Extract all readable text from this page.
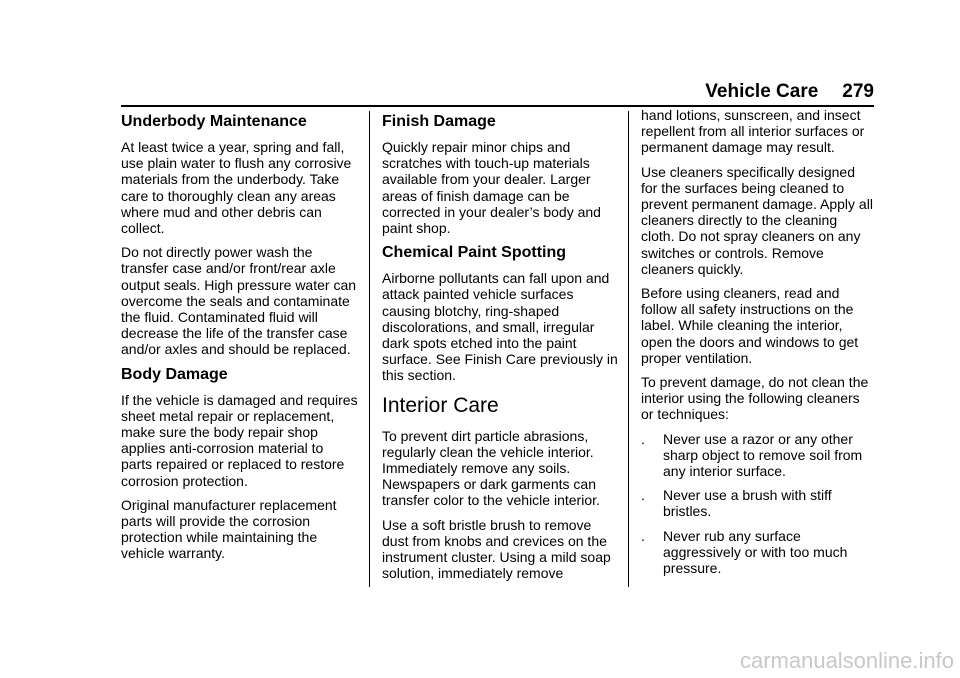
Vehicle Care 279
Underbody Maintenance

At least twice a year, spring and fall, use plain water to flush any corrosive materials from the underbody. Take care to thoroughly clean any areas where mud and other debris can collect.

Do not directly power wash the transfer case and/or front/rear axle output seals. High pressure water can overcome the seals and contaminate the fluid. Contaminated fluid will decrease the life of the transfer case and/or axles and should be replaced.

Body Damage

If the vehicle is damaged and requires sheet metal repair or replacement, make sure the body repair shop applies anti-corrosion material to parts repaired or replaced to restore corrosion protection.

Original manufacturer replacement parts will provide the corrosion protection while maintaining the vehicle warranty.

Finish Damage

Quickly repair minor chips and scratches with touch-up materials available from your dealer. Larger areas of finish damage can be corrected in your dealer’s body and paint shop.

Chemical Paint Spotting

Airborne pollutants can fall upon and attack painted vehicle surfaces causing blotchy, ring-shaped discolorations, and small, irregular dark spots etched into the paint surface. See Finish Care previously in this section.

Interior Care

To prevent dirt particle abrasions, regularly clean the vehicle interior. Immediately remove any soils. Newspapers or dark garments can transfer color to the vehicle interior.

Use a soft bristle brush to remove dust from knobs and crevices on the instrument cluster. Using a mild soap solution, immediately remove

hand lotions, sunscreen, and insect repellent from all interior surfaces or permanent damage may result.

Use cleaners specifically designed for the surfaces being cleaned to prevent permanent damage. Apply all cleaners directly to the cleaning cloth. Do not spray cleaners on any switches or controls. Remove cleaners quickly.

Before using cleaners, read and follow all safety instructions on the label. While cleaning the interior, open the doors and windows to get proper ventilation.

To prevent damage, do not clean the interior using the following cleaners or techniques:

. Never use a razor or any other sharp object to remove soil from any interior surface.
. Never use a brush with stiff bristles.
. Never rub any surface aggressively or with too much pressure.
carmanualsonline.info
